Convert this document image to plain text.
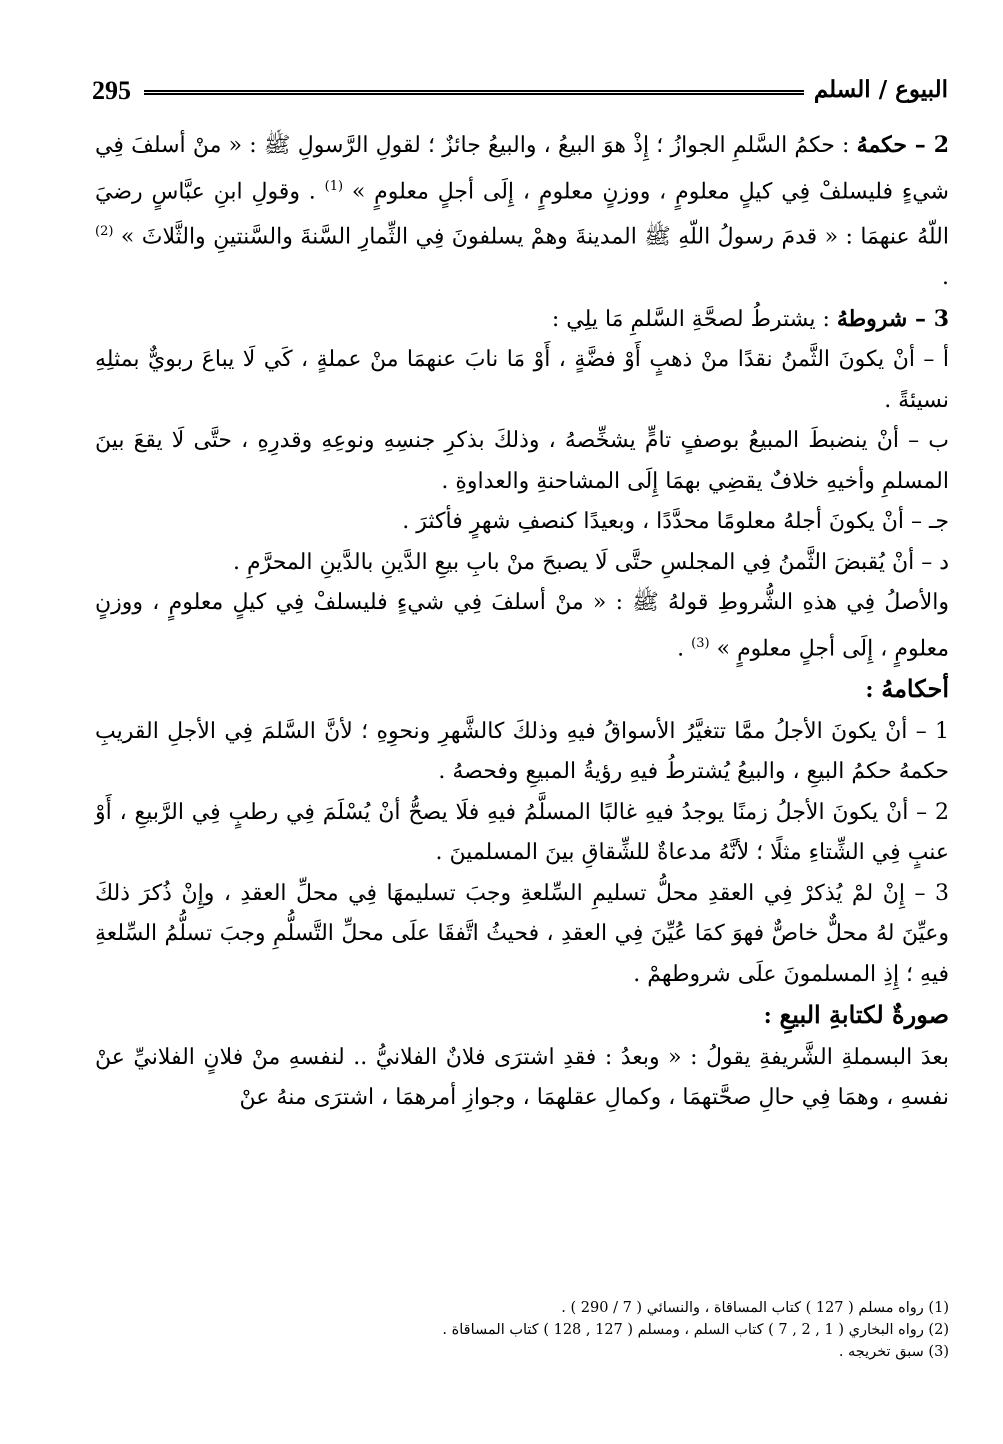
295	البيوع / السلم

2 – حكمهُ : حكمُ السَّلمِ الجوازُ ؛ إِذْ هوَ البيعُ ، والبيعُ جائزٌ ؛ لقولِ الرَّسولِ ﷺ : « منْ أسلفَ فِي شيءٍ فليسلفْ فِي كيلٍ معلومٍ ، ووزنٍ معلومٍ ، إِلَى أجلٍ معلومٍ » $^{(1)}$ . وقولِ ابنِ عبَّاسٍ رضيَ اللّهُ عنهمَا : « قدمَ رسولُ اللّهِ ﷺ المدينةَ وهمْ يسلفونَ فِي الثِّمارِ السَّنةَ والسَّنتينِ والثَّلاثَ » $^{(2)}$ .

3 – شروطهُ : يشترطُ لصحَّةِ السَّلمِ مَا يلِي :

أ – أنْ يكونَ الثَّمنُ نقدًا منْ ذهبٍ أَوْ فضَّةٍ ، أَوْ مَا نابَ عنهمَا منْ عملةٍ ، كَي لَا يباعَ ربويٌّ بمثلِهِ نسيئةً .

ب – أنْ ينضبطَ المبيعُ بوصفٍ تامٍّ يشخِّصهُ ، وذلكَ بذكرِ جنسِهِ ونوعِهِ وقدرِهِ ، حتَّى لَا يقعَ بينَ المسلمِ وأخيهِ خلافٌ يقضِي بهمَا إِلَى المشاحنةِ والعداوةِ .

جـ – أنْ يكونَ أجلهُ معلومًا محدَّدًا ، وبعيدًا كنصفِ شهرٍ فأكثرَ .

د – أنْ يُقبضَ الثَّمنُ فِي المجلسِ حتَّى لَا يصبحَ منْ بابِ بيعِ الدَّينِ بالدَّينِ المحرَّمِ .

والأصلُ فِي هذهِ الشُّروطِ قولهُ ﷺ : « منْ أسلفَ فِي شيءٍ فليسلفْ فِي كيلٍ معلومٍ ، ووزنٍ معلومٍ ، إِلَى أجلٍ معلومٍ » $^{(3)}$ .

أحكامهُ :

1 – أنْ يكونَ الأجلُ ممَّا تتغيَّرُ الأسواقُ فيهِ وذلكَ كالشَّهرِ ونحوِهِ ؛ لأنَّ السَّلمَ فِي الأجلِ القريبِ حكمهُ حكمُ البيعِ ، والبيعُ يُشترطُ فيهِ رؤيةُ المبيعِ وفحصهُ .

2 – أنْ يكونَ الأجلُ زمنًا يوجدُ فيهِ غالبًا المسلَّمُ فيهِ فلَا يصحُّ أنْ يُسْلَمَ فِي رطبٍ فِي الرَّبيعِ ، أَوْ عنبٍ فِي الشِّتاءِ مثلًا ؛ لأنَّهُ مدعاةٌ للشِّقاقِ بينَ المسلمينَ .

3 – إِنْ لمْ يُذكرْ فِي العقدِ محلُّ تسليمِ السِّلعةِ وجبَ تسليمهَا فِي محلِّ العقدِ ، وإِنْ ذُكرَ ذلكَ وعيِّنَ لهُ محلٌّ خاصٌّ فهوَ كمَا عُيِّنَ فِي العقدِ ، فحيثُ اتَّفقَا علَى محلِّ التَّسلُّمِ وجبَ تسلُّمُ السِّلعةِ فيهِ ؛ إِذِ المسلمونَ علَى شروطهمْ .

صورةٌ لكتابةِ البيعِ :

بعدَ البسملةِ الشَّريفةِ يقولُ : « وبعدُ : فقدِ اشترَى فلانٌ الفلانيُّ .. لنفسهِ منْ فلانٍ الفلانيِّ عنْ نفسهِ ، وهمَا فِي حالِ صحَّتهمَا ، وكمالِ عقلهمَا ، وجوازِ أمرهمَا ، اشترَى منهُ عنْ

(1) رواه مسلم ( 127 ) كتاب المساقاة ، والنسائي ( 7 / 290 ) .

(2) رواه البخاري ( 1 , 2 , 7 ) كتاب السلم ، ومسلم ( 127 , 128 ) كتاب المساقاة .

(3) سبق تخريجه .
